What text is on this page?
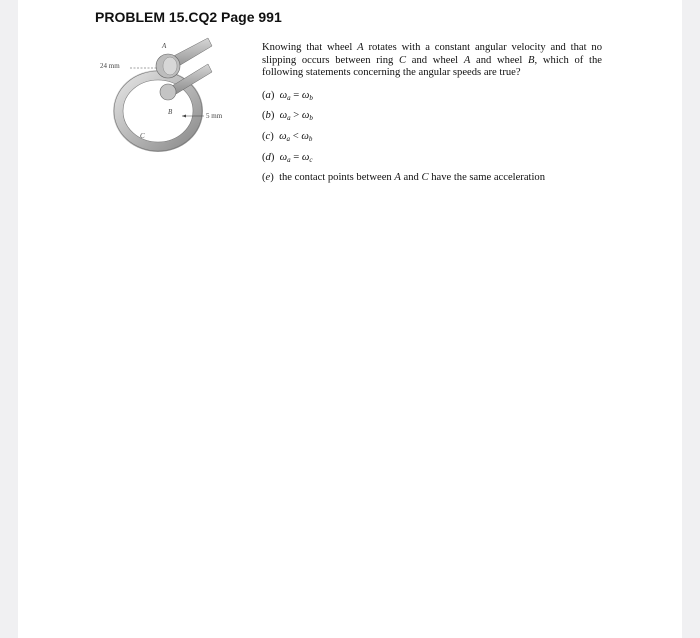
PROBLEM 15.CQ2 Page 991
A
24 mm
B	5 mm
C

Knowing that wheel A rotates with a constant angular velocity and that no slipping occurs between ring C and wheel A and wheel B, which of the following statements concerning the angular speeds are true?

(a) $\omega_a = \omega_b$
(b) $\omega_a > \omega_b$
(c) $\omega_a < \omega_b$
(d) $\omega_a = \omega_c$
(e) the contact points between A and C have the same acceleration
